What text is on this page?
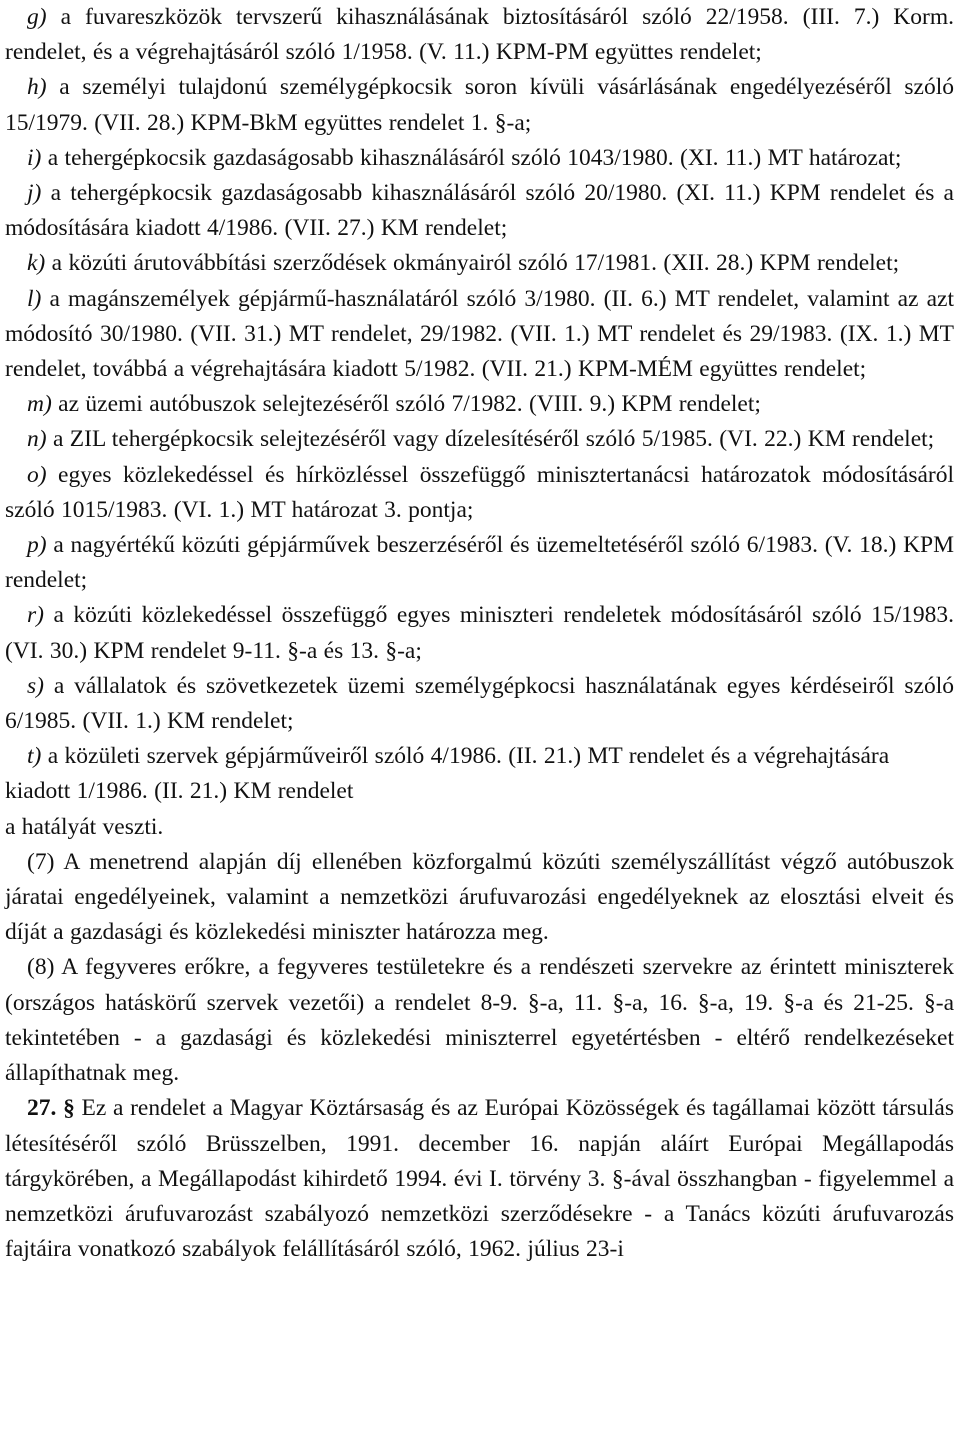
g) a fuvareszközök tervszerű kihasználásának biztosításáról szóló 22/1958. (III. 7.) Korm. rendelet, és a végrehajtásáról szóló 1/1958. (V. 11.) KPM-PM együttes rendelet;

h) a személyi tulajdonú személygépkocsik soron kívüli vásárlásának engedélyezéséről szóló 15/1979. (VII. 28.) KPM-BkM együttes rendelet 1. §-a;

i) a tehergépkocsik gazdaságosabb kihasználásáról szóló 1043/1980. (XI. 11.) MT határozat;

j) a tehergépkocsik gazdaságosabb kihasználásáról szóló 20/1980. (XI. 11.) KPM rendelet és a módosítására kiadott 4/1986. (VII. 27.) KM rendelet;

k) a közúti árutovábbítási szerződések okmányairól szóló 17/1981. (XII. 28.) KPM rendelet;

l) a magánszemélyek gépjármű-használatáról szóló 3/1980. (II. 6.) MT rendelet, valamint az azt módosító 30/1980. (VII. 31.) MT rendelet, 29/1982. (VII. 1.) MT rendelet és 29/1983. (IX. 1.) MT rendelet, továbbá a végrehajtására kiadott 5/1982. (VII. 21.) KPM-MÉM együttes rendelet;

m) az üzemi autóbuszok selejtezéséről szóló 7/1982. (VIII. 9.) KPM rendelet;

n) a ZIL tehergépkocsik selejtezéséről vagy dízelesítéséről szóló 5/1985. (VI. 22.) KM rendelet;

o) egyes közlekedéssel és hírközléssel összefüggő minisztertanácsi határozatok módosításáról szóló 1015/1983. (VI. 1.) MT határozat 3. pontja;

p) a nagyértékű közúti gépjárművek beszerzéséről és üzemeltetéséről szóló 6/1983. (V. 18.) KPM rendelet;

r) a közúti közlekedéssel összefüggő egyes miniszteri rendeletek módosításáról szóló 15/1983. (VI. 30.) KPM rendelet 9-11. §-a és 13. §-a;

s) a vállalatok és szövetkezetek üzemi személygépkocsi használatának egyes kérdéseiről szóló 6/1985. (VII. 1.) KM rendelet;

t) a közületi szervek gépjárműveiről szóló 4/1986. (II. 21.) MT rendelet és a végrehajtására kiadott 1/1986. (II. 21.) KM rendelet

a hatályát veszti.

(7) A menetrend alapján díj ellenében közforgalmú közúti személyszállítást végző autóbuszok járatai engedélyeinek, valamint a nemzetközi árufuvarozási engedélyeknek az elosztási elveit és díját a gazdasági és közlekedési miniszter határozza meg.

(8) A fegyveres erőkre, a fegyveres testületekre és a rendészeti szervekre az érintett miniszterek (országos hatáskörű szervek vezetői) a rendelet 8-9. §-a, 11. §-a, 16. §-a, 19. §-a és 21-25. §-a tekintetében - a gazdasági és közlekedési miniszterrel egyetértésben - eltérő rendelkezéseket állapíthatnak meg.

27. § Ez a rendelet a Magyar Köztársaság és az Európai Közösségek és tagállamai között társulás létesítéséről szóló Brüsszelben, 1991. december 16. napján aláírt Európai Megállapodás tárgykörében, a Megállapodást kihirdető 1994. évi I. törvény 3. §-ával összhangban - figyelemmel a nemzetközi árufuvarozást szabályozó nemzetközi szerződésekre - a Tanács közúti árufuvarozás fajtáira vonatkozó szabályok felállításáról szóló, 1962. július 23-i
